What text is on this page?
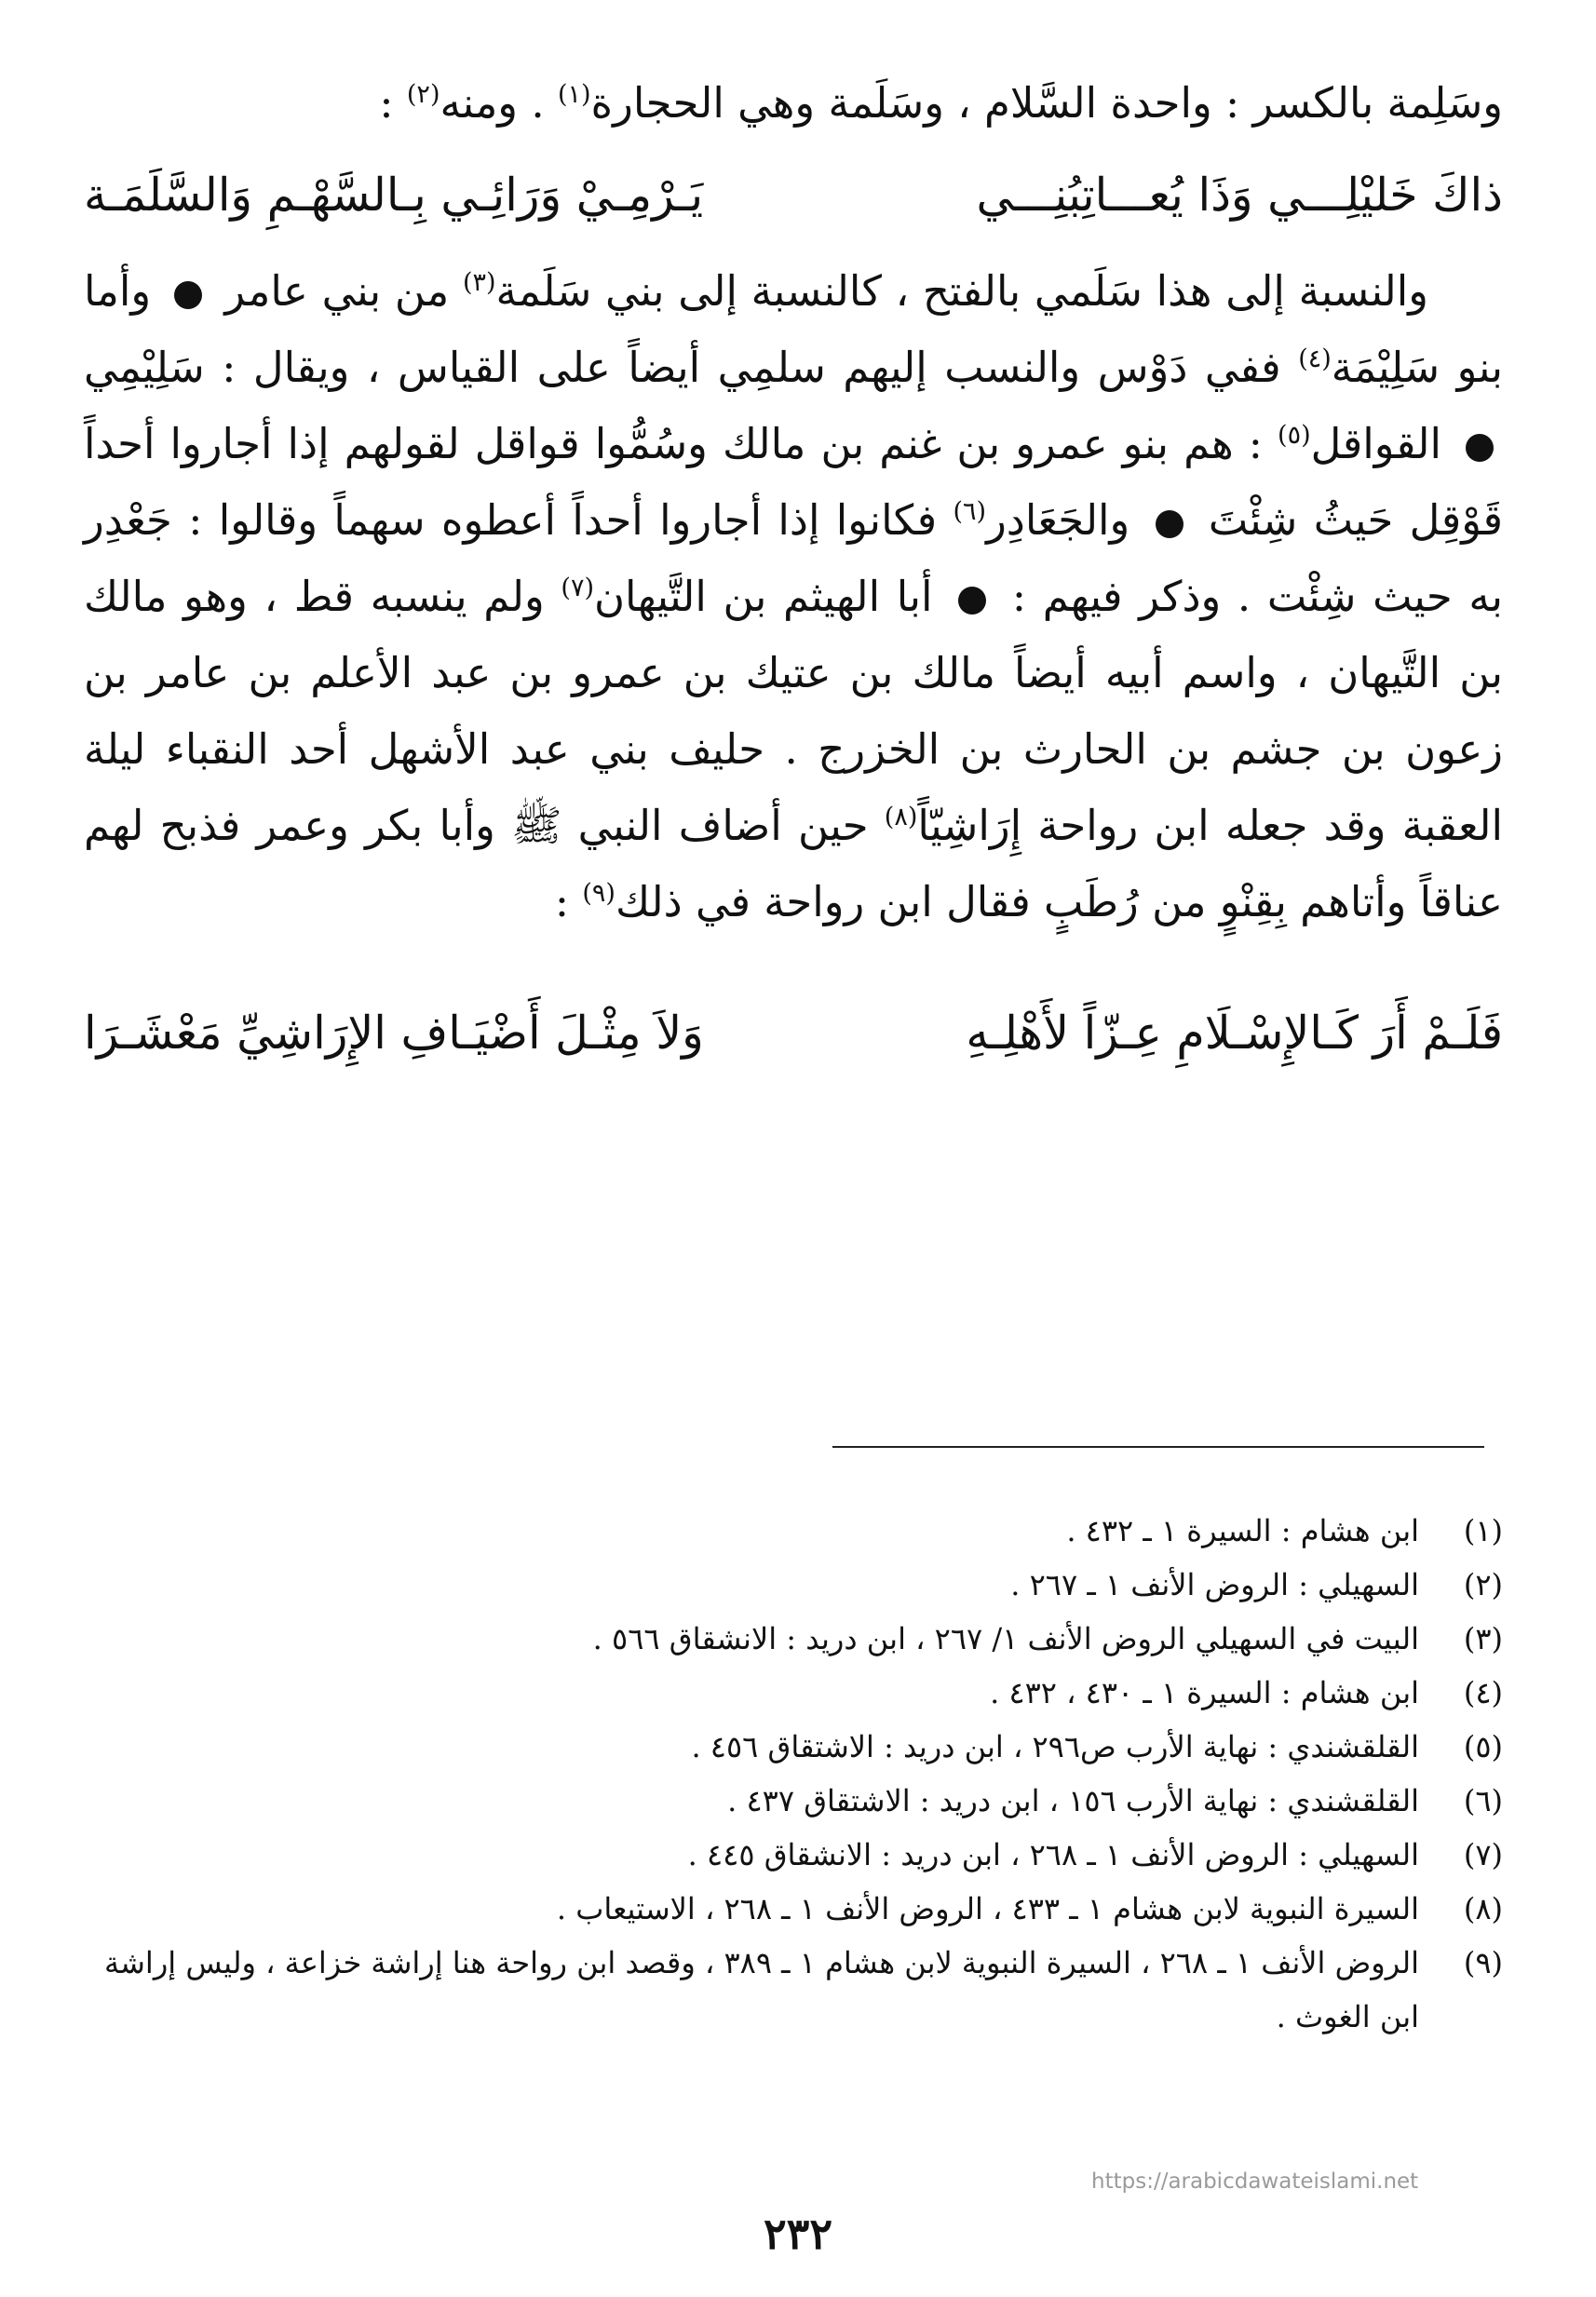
وسَلِمة بالكسر : واحدة السَّلام ، وسَلَمة وهي الحجارة$^{(١)}$ . ومنه$^{(٢)}$ :

ذاكَ خَليْلِـــي وَذَا يُعـــاتِبُنِـــي
يَـرْمِـيْ وَرَائِـي بِـالسَّهْـمِ وَالسَّلَمَـة

والنسبة إلى هذا سَلَمي بالفتح ، كالنسبة إلى بني سَلَمة$^{(٣)}$ من بني عامر  وأما بنو سَلِيْمَة$^{(٤)}$ ففي دَوْس والنسب إليهم سلمِي أيضاً على القياس ، ويقال : سَلِيْمِي  القواقل$^{(٥)}$ : هم بنو عمرو بن غنم بن مالك وسُمُّوا قواقل لقولهم إذا أجاروا أحداً قَوْقِل حَيثُ شِئْتَ  والجَعَادِر$^{(٦)}$ فكانوا إذا أجاروا أحداً أعطوه سهماً وقالوا : جَعْدِر به حيث شِئْت . وذكر فيهم :  أبا الهيثم بن التَّيهان$^{(٧)}$ ولم ينسبه قط ، وهو مالك بن التَّيهان ، واسم أبيه أيضاً مالك بن عتيك بن عمرو بن عبد الأعلم بن عامر بن زعون بن جشم بن الحارث بن الخزرج . حليف بني عبد الأشهل أحد النقباء ليلة العقبة وقد جعله ابن رواحة إِرَاشِيّاً$^{(٨)}$ حين أضاف النبي ﷺ وأبا بكر وعمر فذبح لهم عناقاً وأتاهم بِقِنْوٍ من رُطَبٍ فقال ابن رواحة في ذلك$^{(٩)}$ :

فَلَـمْ أَرَ كَـالإِسْـلَامِ عِـزّاً لأَهْلِـهِ
وَلاَ مِثْـلَ أَضْيَـافِ الإِرَاشِيِّ مَعْشَـرَا
(١)
ابن هشام : السيرة ١ ـ ٤٣٢ .
(٢)
السهيلي : الروض الأنف ١ ـ ٢٦٧ .
(٣)
البيت في السهيلي الروض الأنف ١/ ٢٦٧ ، ابن دريد : الانشقاق ٥٦٦ .
(٤)
ابن هشام : السيرة ١ ـ ٤٣٠ ، ٤٣٢ .
(٥)
القلقشندي : نهاية الأرب ص٢٩٦ ، ابن دريد : الاشتقاق ٤٥٦ .
(٦)
القلقشندي : نهاية الأرب ١٥٦ ، ابن دريد : الاشتقاق ٤٣٧ .
(٧)
السهيلي : الروض الأنف ١ ـ ٢٦٨ ، ابن دريد : الانشقاق ٤٤٥ .
(٨)
السيرة النبوية لابن هشام ١ ـ ٤٣٣ ، الروض الأنف ١ ـ ٢٦٨ ، الاستيعاب .
(٩)
الروض الأنف ١ ـ ٢٦٨ ، السيرة النبوية لابن هشام ١ ـ ٣٨٩ ، وقصد ابن رواحة هنا إراشة خزاعة ، وليس إراشة ابن الغوث .
https://arabicdawateislami.net
٢٣٢
